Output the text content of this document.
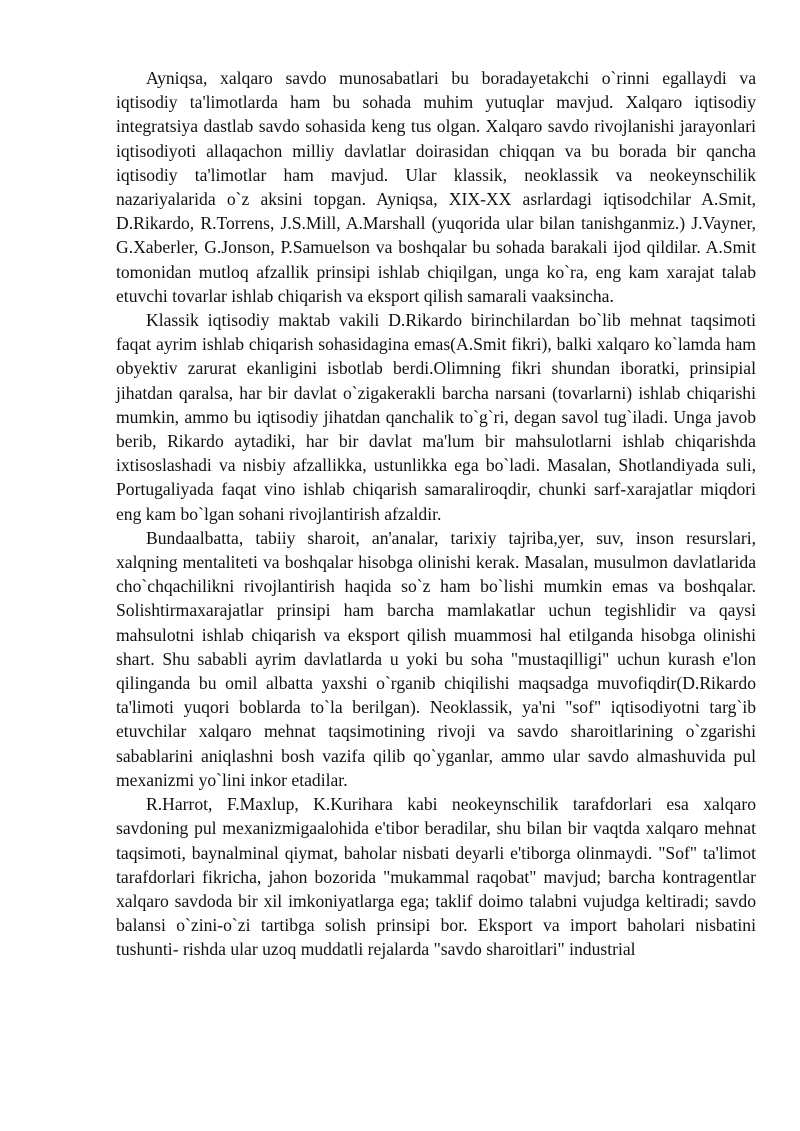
Ayniqsa, xalqaro savdo munosabatlari bu boradayetakchi o`rinni egallaydi va iqtisodiy ta'limotlarda ham bu sohada muhim yutuqlar mavjud. Xalqaro iqtisodiy integratsiya dastlab savdo sohasida keng tus olgan. Xalqaro savdo rivojlanishi jarayonlari iqtisodiyoti allaqachon milliy davlatlar doirasidan chiqqan va bu borada bir qancha iqtisodiy ta'limotlar ham mavjud. Ular klassik, neoklassik va neokeynschilik nazariyalarida o`z aksini topgan. Ayniqsa, XIX-XX asrlardagi iqtisodchilar A.Smit, D.Rikardo, R.Torrens, J.S.Mill, A.Marshall (yuqorida ular bilan tanishganmiz.) J.Vayner, G.Xaberler, G.Jonson, P.Samuelson va boshqalar bu sohada barakali ijod qildilar. A.Smit tomonidan mutloq afzallik prinsipi ishlab chiqilgan, unga ko`ra, eng kam xarajat talab etuvchi tovarlar ishlab chiqarish va eksport qilish samarali vaaksincha.

Klassik iqtisodiy maktab vakili D.Rikardo birinchilardan bo`lib mehnat taqsimoti faqat ayrim ishlab chiqarish sohasidagina emas(A.Smit fikri), balki xalqaro ko`lamda ham obyektiv zarurat ekanligini isbotlab berdi.Olimning fikri shundan iboratki, prinsipial jihatdan qaralsa, har bir davlat o`zigakerakli barcha narsani (tovarlarni) ishlab chiqarishi mumkin, ammo bu iqtisodiy jihatdan qanchalik to`g`ri, degan savol tug`iladi. Unga javob berib, Rikardo aytadiki, har bir davlat ma'lum bir mahsulotlarni ishlab chiqarishda ixtisoslashadi va nisbiy afzallikka, ustunlikka ega bo`ladi. Masalan, Shotlandiyada suli, Portugaliyada faqat vino ishlab chiqarish samaraliroqdir, chunki sarf-xarajatlar miqdori eng kam bo`lgan sohani rivojlantirish afzaldir.

Bundaalbatta, tabiiy sharoit, an'analar, tarixiy tajriba,yer, suv, inson resurslari, xalqning mentaliteti va boshqalar hisobga olinishi kerak. Masalan, musulmon davlatlarida cho`chqachilikni rivojlantirish haqida so`z ham bo`lishi mumkin emas va boshqalar. Solishtirmaxarajatlar prinsipi ham barcha mamlakatlar uchun tegishlidir va qaysi mahsulotni ishlab chiqarish va eksport qilish muammosi hal etilganda hisobga olinishi shart. Shu sababli ayrim davlatlarda u yoki bu soha "mustaqilligi" uchun kurash e'lon qilinganda bu omil albatta yaxshi o`rganib chiqilishi maqsadga muvofiqdir(D.Rikardo ta'limoti yuqori boblarda to`la berilgan). Neoklassik, ya'ni "sof" iqtisodiyotni targ`ib etuvchilar xalqaro mehnat taqsimotining rivoji va savdo sharoitlarining o`zgarishi sabablarini aniqlashni bosh vazifa qilib qo`yganlar, ammo ular savdo almashuvida pul mexanizmi yo`lini inkor etadilar.

R.Harrot, F.Maxlup, K.Kurihara kabi neokeynschilik tarafdorlari esa xalqaro savdoning pul mexanizmigaalohida e'tibor beradilar, shu bilan bir vaqtda xalqaro mehnat taqsimoti, baynalminal qiymat, baholar nisbati deyarli e'tiborga olinmaydi. "Sof" ta'limot tarafdorlari fikricha, jahon bozorida "mukammal raqobat" mavjud; barcha kontragentlar xalqaro savdoda bir xil imkoniyatlarga ega; taklif doimo talabni vujudga keltiradi; savdo balansi o`zini-o`zi tartibga solish prinsipi bor. Eksport va import baholari nisbatini tushunti- rishda ular uzoq muddatli rejalarda "savdo sharoitlari" industrial
